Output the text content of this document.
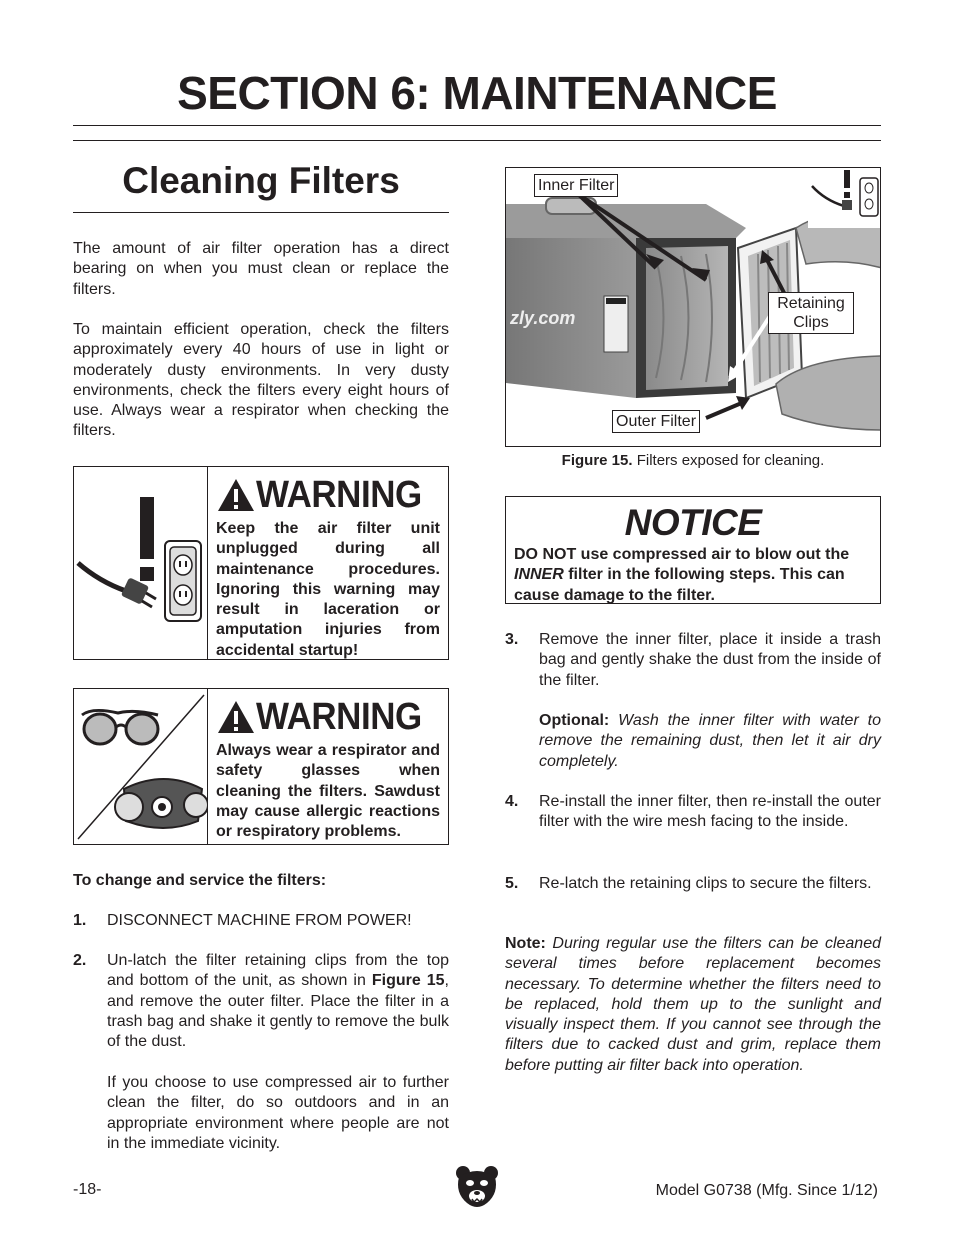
SECTION 6: MAINTENANCE
Cleaning Filters

The amount of air filter operation has a direct bearing on when you must clean or replace the filters.

To maintain efficient operation, check the filters approximately every 40 hours of use in light or moderately dusty environments. In very dusty environments, check the filters every eight hours of use. Always wear a respirator when checking the filters.

WARNING
Keep the air filter unit unplugged during all maintenance procedures. Ignoring this warning may result in laceration or amputation injuries from accidental startup!
WARNING
Always wear a respirator and safety glasses when cleaning the filters. Sawdust may cause allergic reactions or respiratory problems.
To change and service the filters:
1. DISCONNECT MACHINE FROM POWER!
2. Un-latch the filter retaining clips from the top and bottom of the unit, as shown in Figure 15, and remove the outer filter. Place the filter in a trash bag and shake it gently to remove the bulk of the dust.

If you choose to use compressed air to further clean the filter, do so outdoors and in an appropriate environment where people are not in the immediate vicinity.

zly.com
Inner Filter
Retaining Clips
Outer Filter
Figure 15. Filters exposed for cleaning.
NOTICE
DO NOT use compressed air to blow out the INNER filter in the following steps. This can cause damage to the filter.
3. Remove the inner filter, place it inside a trash bag and gently shake the dust from the inside of the filter.

Optional: Wash the inner filter with water to remove the remaining dust, then let it air dry completely.

4. Re-install the inner filter, then re-install the outer filter with the wire mesh facing to the inside.

5. Re-latch the retaining clips to secure the filters.

Note: During regular use the filters can be cleaned several times before replacement becomes necessary. To determine whether the filters need to be replaced, hold them up to the sunlight and visually inspect them. If you cannot see through the filters due to cacked dust and grim, replace them before putting air filter back into operation.

-18-	Model G0738 (Mfg. Since 1/12)
